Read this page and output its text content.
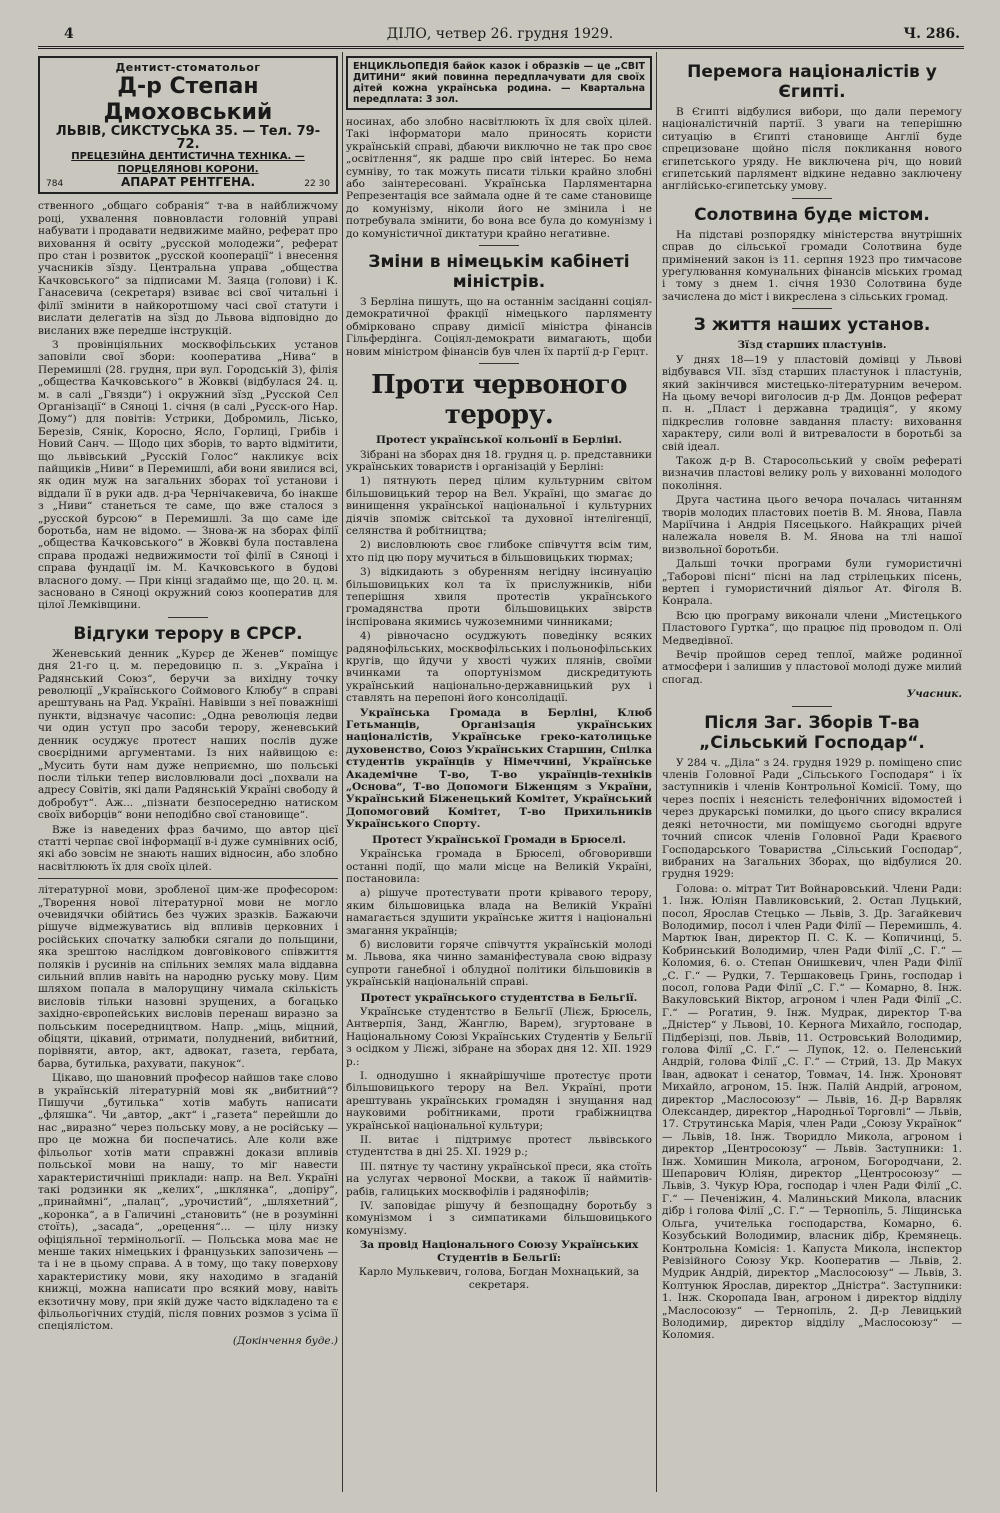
4	ДІЛО, четвер 26. грудня 1929.	Ч. 286.
Дентист-стоматольог
Д-р Степан Дмоховський
ЛЬВІВ, СИКСТУСЬКА 35. — Тел. 79-72.
ПРЕЦЕЗІЙНА ДЕНТИСТИЧНА ТЕХНІКА. — ПОРЦЕЛЯНОВІ КОРОНИ.
784	АПАРАТ РЕНТГЕНА.	22 30

ственного „общаго собранія“ т-ва в найближчому році, ухвалення повновласти головній управі набувати і продавати недвижиме майно, реферат про виховання й освіту „русской молодежи“, реферат про стан і розвиток „русской кооперації“ і внесення учасників зїзду. Центральна управа „общества Качковського“ за підписами М. Заяца (голови) і К. Ганасевича (секретаря) взиває всі свої читальні і філії змінити в найкоротшому часі свої статути і вислати делегатів на зїзд до Львова відповідно до висланих вже передше інструкцій.

З провінціяльних москвофільських установ заповіли свої збори: кооператива „Нива“ в Перемишлі (28. грудня, при вул. Городській 3), філія „общества Качковського“ в Жовкві (відбулася 24. ц. м. в салі „Гвязди“) і окружний зїзд „Русской Сел Організації“ в Сяноці 1. січня (в салі „Русск-ого Нар. Дому“) для повітів: Устрики, Добромиль, Лісько, Березів, Сянік, Коросно, Ясло, Горлиці, Грибів і Новий Санч. — Щодо цих зборів, то варто відмітити, що львівський „Русскій Голос“ накликує всіх пайщиків „Ниви“ в Перемишлі, аби вони явилися всі, як один муж на загальних зборах тої установи і віддали її в руки адв. д-ра Чернічакевича, бо інакше з „Ниви“ станеться те саме, що вже сталося з „русской бурсою“ в Перемишлі. За що саме іде боротьба, нам не відомо. — Знова-ж на зборах філії „общества Качковського“ в Жовкві була поставлена справа продажі недвижимости тої філії в Сяноці і справа фундації ім. М. Качковського в будові власного дому. — При кінці згадаймо ще, що 20. ц. м. засновано в Сяноці окружний союз кооператив для цілої Лемківщини.

Відгуки терору в СРСР.

Женевський денник „Курєр де Женев“ поміщує дня 21-го ц. м. передовицю п. з. „Україна і Радянський Союз“, беручи за вихідну точку революції „Українського Соймового Клюбу“ в справі арештувань на Рад. Україні. Навівши з неї поважніші пункти, відзначує часопис: „Одна революція ледви чи один уступ про засоби терору, женевський денник осуджує протест наших послів дуже своєрідними аргументами. Із них найвищою є: „Мусить бути нам дуже неприємно, шо польські посли тільки тепер висловлювали досі „похвали на адресу Совітів, які дали Радянській Україні свободу й добробут“. Аж... „пізнати безпосередню натиском своїх виборців“ вони неподібно свої становище“.

Вже із наведених фраз бачимо, що автор цієї статті черпає свої інформації в-і дуже сумнівних осіб, які або зовсім не знають наших відносин, або злобно насвітлюють їх для своїх цілей.

літературної мови, зробленої цим-же професором: „Творення нової літературної мови не могло очевидячки обійтись без чужих зразків. Бажаючи рішуче відмежуватись від впливів церковних і російських спочатку залюбки сягали до польщини, яка зрештою наслідком довговікового співжиття поляків і русинів на спільних землях мала віддавна сильний вплив навіть на народню руську мову. Цим шляхом попала в малорущину чимала скількість висловів тільки назовні зрущених, а богацько західно-європейських висловів перенаш виразно за польським посередництвом. Напр. „міць, міцний, обіцяти, цікавий, отримати, полуднений, вибитний, порівняти, автор, акт, адвокат, газета, гербата, барва, бутилька, рахувати, пакунок“.

Цікаво, що шановний професор найшов таке слово в українській літературній мові як „вибитний“? Пишучи „бутилька“ хотів мабуть написати „фляшка“. Чи „автор, „акт“ і „газета“ перейшли до нас „виразно“ через польську мову, а не російську — про це можна би поспечатись. Але коли вже фільольог хотів мати справжні докази впливів польської мови на нашу, то міг навести характеристичніші приклади: напр. на Вел. Україні такі родзинки як „келих“, „шклянка“, „допіру“, „принаймні“, „палац“, „урочистий“, „шляхетний“, „коронка“, а в Галичині „становить“ (не в розумінні стоїть), „засада“, „орецення“... — цілу низку офіціяльної термінольогії. — Польська мова має не менше таких німецьких і французьких запозичень — та і не в цьому справа. А в тому, що таку поверхову характеристику мови, яку находимо в згаданій книжці, можна написати про всякий мову, навіть екзотичну мову, при якій дуже часто відкладено та є фільольогічних студій, після повних розмов з усіма її спеціялістом.

(Докінчення буде.)
ЕНЦИКЛЬОПЕДІЯ байок казок і образків — це „СВІТ ДИТИНИ“ який повинна передплачувати для своїх дітей кожна українська родина. — Квартальна передплата: 3 зол.

носинах, або злобно насвітлюють їх для своїх цілей. Такі інформатори мало приносять користи українській справі, дбаючи виключно не так про своє „освітлення“, як радше про свій інтерес. Бо нема сумніву, то так можуть писати тільки крайно злобні або заінтересовані. Українська Парляментарна Репрезентація все займала одне й те саме становище до комунізму, ніколи його не змінила і не потребувала змінити, бо вона все була до комунізму і до комуністичної диктатури крайно негативне.

Зміни в німецькім кабінеті міністрів.

З Берліна пишуть, що на останнім засіданні соціял-демократичної фракції німецького парляменту обмірковано справу димісії міністра фінансів Гільфердінга. Соціял-демократи вимагають, щоби новим міністром фінансів був член їх партії д-р Герцт.

Проти червоного терору.
Протест української кольонії в Берліні.

Зібрані на зборах дня 18. грудня ц. р. представники українських товариств і організацій у Берліні:

1) пятнують перед цілим культурним світом більшовицький терор на Вел. Україні, що змагає до винищення української національної і культурних діячів зпоміж світської та духовної інтелігенції, селянства й робітництва;

2) висловлюють своє глибоке співчуття всім тим, хто під цю пору мучиться в більшовицьких тюрмах;

3) відкидають з обуренням негідну інсинуацію більшовицьких кол та їх прислужників, ніби теперішня хвиля протестів українського громадянства проти більшовицьких звірств інспірована якимись чужоземними чинниками;

4) рівночасно осуджують поведінку всяких радянофільських, москвофільських і польонофільських кругів, що йдучи у хвості чужих плянів, своїми вчинками та опортунізмом дискредитують український національно-державницький рух і ставлять на перепоні його консолідації.

Українська Громада в Берліні, Клюб Гетьманців, Організація українських націоналістів, Українське греко-католицьке духовенство, Союз Українських Старшин, Спілка студентів українців у Німеччині, Українське Академічне Т-во, Т-во українців-техніків „Основа“, Т-во Допомоги Біженцям з України, Український Біженецький Комітет, Український Допомоговий Комітет, Т-во Прихильників Українського Спорту.

Протест Української Громади в Брюселі.

Українська громада в Брюселі, обговоривши останні події, що мали місце на Великій Україні, постановила:

а) рішуче протестувати проти крівавого терору, яким більшовицька влада на Великій Україні намагається здушити українське життя і національні змагання українців;

б) висловити горяче співчуття українській молоді м. Львова, яка чинно заманіфестувала свою відразу супроти ганебної і облудної політики більшовиків в українській національній справі.

Протест українського студентства в Бельгії.

Українське студентство в Бельгії (Лієж, Брюсель, Антверпія, Занд, Жанглю, Варем), згуртоване в Національному Союзі Українських Студентів у Бельгії з осідком у Лієжі, зібране на зборах дня 12. XII. 1929 р.:

I. однодушно і якнайрішучіше протестує проти більшовицького терору на Вел. Україні, проти арештувань українських громадян і знущання над науковими робітниками, проти грабіжництва української національної культури;

II. витає і підтримує протест львівського студентства в дні 25. XI. 1929 р.;

III. пятнує ту частину української преси, яка стоїть на услугах червоної Москви, а також її наймитів-рабів, галицьких москвофілів і радянофілів;

IV. заповідає рішучу й безпощадну боротьбу з комунізмом і з симпатиками більшовицького комунізму.

За провід Національного Союзу Українських Студентів в Бельгії:

Карло Мулькевич, голова, Богдан Мохнацький, за секретаря.

Перемога націоналістів у Єгипті.

В Єгипті відбулися вибори, що дали перемогу націоналістичній партії. З уваги на теперішню ситуацію в Єгипті становище Англії буде спрецизоване щойно після покликання нового єгипетського уряду. Не виключена річ, що новий єгипетський парлямент відкине недавно заключену англійсько-єгипетську умову.

Солотвина буде містом.

На підставі розпорядку міністерства внутрішніх справ до сільської громади Солотвина буде примінений закон із 11. серпня 1923 про тимчасове урегулювання комунальних фінансів міських громад і тому з днем 1. січня 1930 Солотвина буде зачислена до міст і викреслена з сільських громад.

З життя наших установ.
Зїзд старших пластунів.

У днях 18—19 у пластовій домівці у Львові відбувався VII. зїзд старших пластунок і пластунів, який закінчився мистецько-літературним вечером. На цьому вечорі виголосив д-р Дм. Донцов реферат п. н. „Пласт і державна традиція“, у якому підкреслив головне завдання пласту: виховання характеру, сили волі й витревалости в боротьбі за свій ідеал.

Також д-р В. Старосольський у своїм рефераті визначив пластові велику роль у вихованні молодого покоління.

Друга частина цього вечора почалась читанням творів молодих пластових поетів В. М. Янова, Павла Маріїчина і Андрія Пясецького. Найкращих річей належала новеля В. М. Янова на тлі нашої визвольної боротьби.

Дальші точки програми були гумористичні „Таборові пісні“ пісні на лад стрілецьких пісень, вертеп і гумористичний діяльог Ат. Фіголя В. Конрала.

Всю цю програму виконали члени „Мистецького Пластового Гуртка“, що працює під проводом п. Олі Медведівної.

Вечір пройшов серед теплої, майже родинної атмосфери і залишив у пластової молоді дуже милий спогад.

Учасник.
Після Заг. Зборів Т-ва „Сільський Господар“.

У 284 ч. „Діла“ з 24. грудня 1929 р. поміщено спис членів Головної Ради „Сільського Господаря“ і їх заступників і членів Контрольної Комісії. Тому, що через поспіх і неясність телефонічних відомостей і через друкарські помилки, до цього спису вкралися деякі неточности, ми поміщуємо сьогодні вдруге точний список членів Головної Ради Краєвого Господарського Товариства „Сільський Господар“, вибраних на Загальних Зборах, що відбулися 20. грудня 1929:

Голова: о. мітрат Тит Войнаровський. Члени Ради: 1. Інж. Юліян Павликовський, 2. Остап Луцький, посол, Ярослав Стецько — Львів, 3. Др. Загайкевич Володимир, посол і член Ради Філії — Перемишль, 4. Мартюк Іван, директор П. С. К. — Копичинці, 5. Кобринський Володимир, член Ради Філії „С. Г.“ — Коломия, 6. о. Степан Онишкевич, член Ради Філії „С. Г.“ — Рудки, 7. Тершаковець Гринь, господар і посол, голова Ради Філії „С. Г.“ — Комарно, 8. Інж. Вакуловський Віктор, агроном і член Ради Філії „С. Г.“ — Рогатин, 9. Інж. Мудрак, директор Т-ва „Дністер“ у Львові, 10. Кернога Михайло, господар, Підберізці, пов. Львів, 11. Островський Володимир, голова Філії „С. Г.“ — Лупок, 12. о. Пеленський Андрій, голова Філії „С. Г.“ — Стрий, 13. Др Макух Іван, адвокат і сенатор, Товмач, 14. Інж. Хроновят Михайло, агроном, 15. Інж. Палій Андрій, агроном, директор „Маслосоюзу“ — Львів, 16. Д-р Варвляк Олександер, директор „Народньої Торговлі“ — Львів, 17. Струтинська Марія, член Ради „Союзу Українок“ — Львів, 18. Інж. Творидло Микола, агроном і директор „Центросоюзу“ — Львів. Заступники: 1. Інж. Хомишин Микола, агроном, Богородчани, 2. Шепарович Юліян, директор „Центросоюзу“ — Львів, 3. Чукур Юра, господар і член Ради Філії „С. Г.“ — Печеніжин, 4. Малиньский Микола, власник дібр і голова Філії „С. Г.“ — Тернопіль, 5. Ліщинська Ольга, учителька господарства, Комарно, 6. Козубський Володимир, власник дібр, Кремянець. Контрольна Комісія: 1. Капуста Микола, інспектор Ревізійного Союзу Укр. Кооператив — Львів, 2. Мудрик Андрій, директор „Маслосоюзу“ — Львів, 3. Колтунюк Ярослав, директор „Дністра“. Заступники: 1. Інж. Скоропада Іван, агроном і директор відділу „Маслосоюзу“ — Тернопіль, 2. Д-р Левицький Володимир, директор відділу „Маслосоюзу“ — Коломия.
